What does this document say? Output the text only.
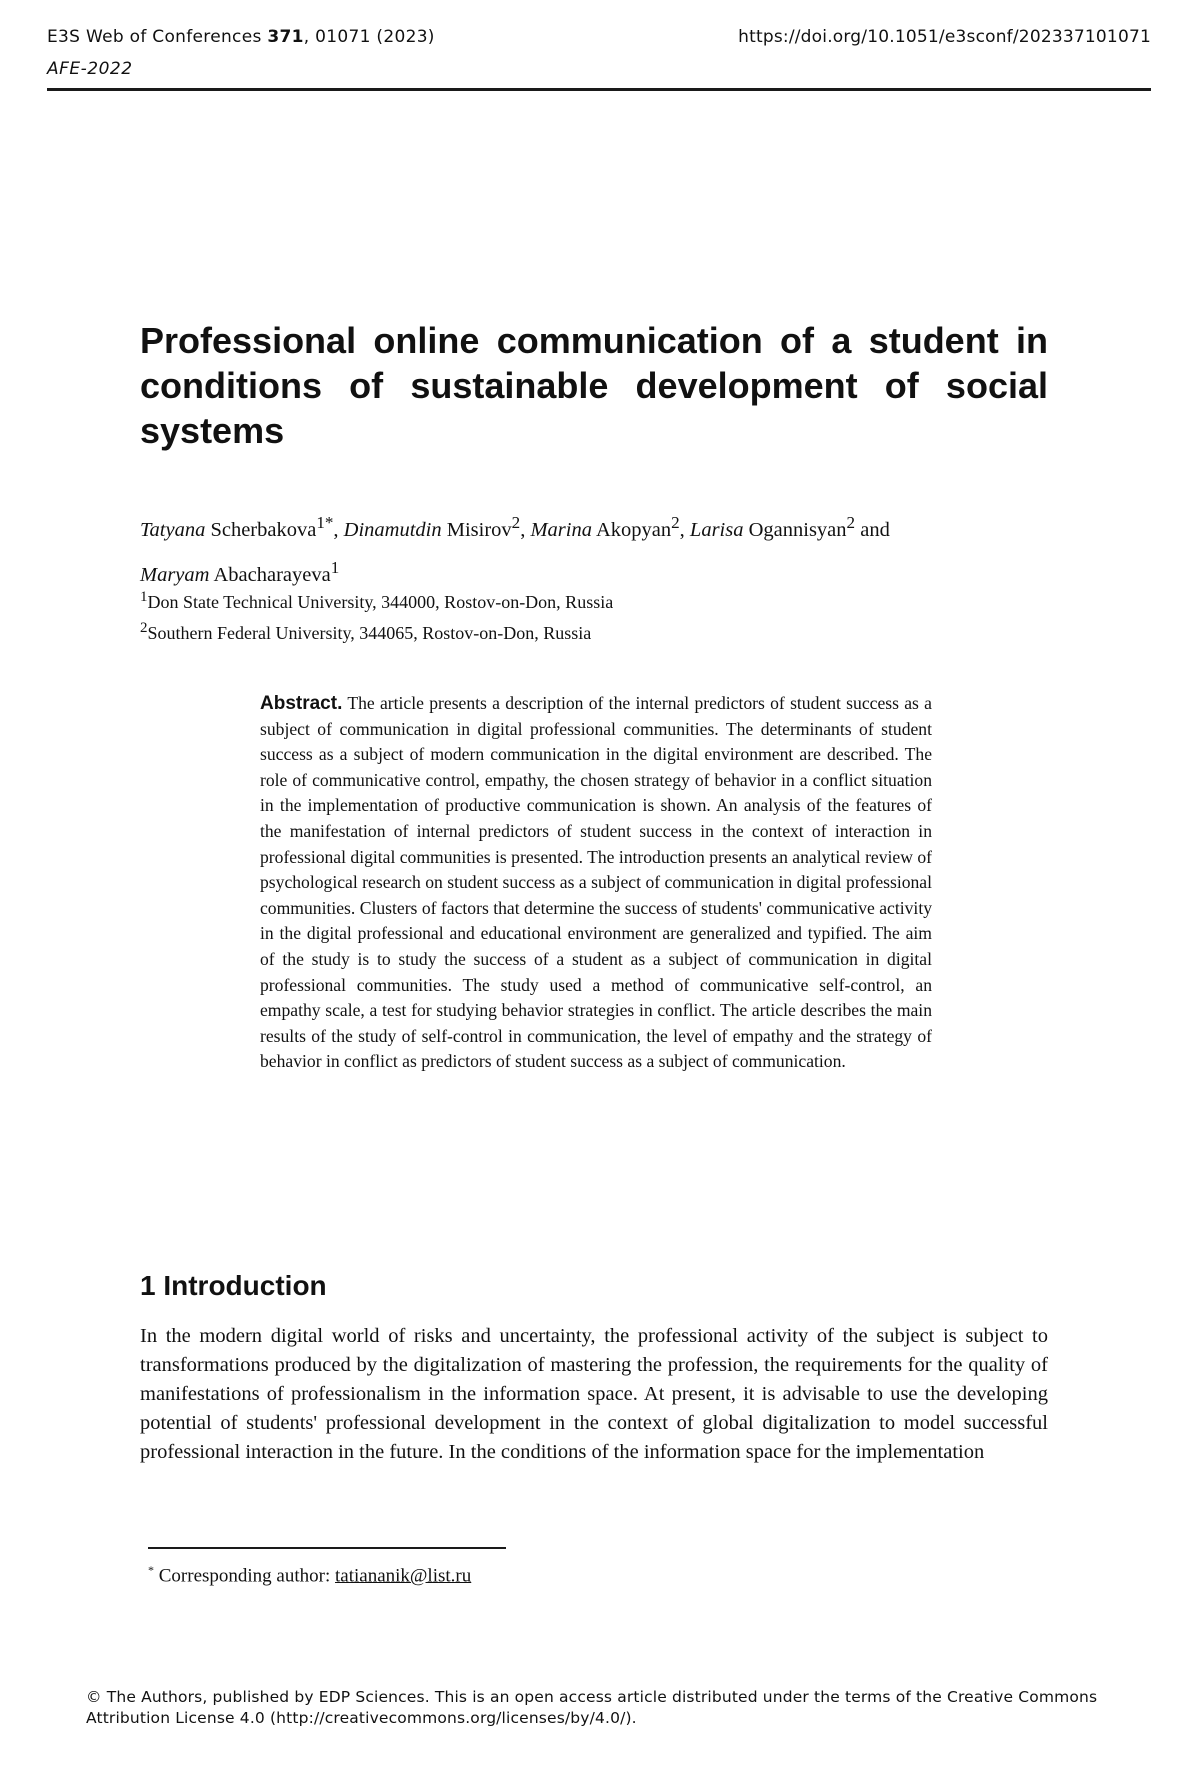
E3S Web of Conferences 371, 01071 (2023)
AFE-2022
https://doi.org/10.1051/e3sconf/202337101071
Professional online communication of a student in conditions of sustainable development of social systems
Tatyana Scherbakova$^{1*}$, Dinamutdin Misirov$^2$, Marina Akopyan$^2$, Larisa Ogannisyan$^2$ and
Maryam Abacharayeva$^1$
$^1$Don State Technical University, 344000, Rostov-on-Don, Russia
$^2$Southern Federal University, 344065, Rostov-on-Don, Russia

Abstract. The article presents a description of the internal predictors of student success as a subject of communication in digital professional communities. The determinants of student success as a subject of modern communication in the digital environment are described. The role of communicative control, empathy, the chosen strategy of behavior in a conflict situation in the implementation of productive communication is shown. An analysis of the features of the manifestation of internal predictors of student success in the context of interaction in professional digital communities is presented. The introduction presents an analytical review of psychological research on student success as a subject of communication in digital professional communities. Clusters of factors that determine the success of students' communicative activity in the digital professional and educational environment are generalized and typified. The aim of the study is to study the success of a student as a subject of communication in digital professional communities. The study used a method of communicative self-control, an empathy scale, a test for studying behavior strategies in conflict. The article describes the main results of the study of self-control in communication, the level of empathy and the strategy of behavior in conflict as predictors of student success as a subject of communication.

1 Introduction

In the modern digital world of risks and uncertainty, the professional activity of the subject is subject to transformations produced by the digitalization of mastering the profession, the requirements for the quality of manifestations of professionalism in the information space. At present, it is advisable to use the developing potential of students' professional development in the context of global digitalization to model successful professional interaction in the future. In the conditions of the information space for the implementation

* Corresponding author: tatiananik@list.ru
© The Authors, published by EDP Sciences. This is an open access article distributed under the terms of the Creative Commons Attribution License 4.0 (http://creativecommons.org/licenses/by/4.0/).
